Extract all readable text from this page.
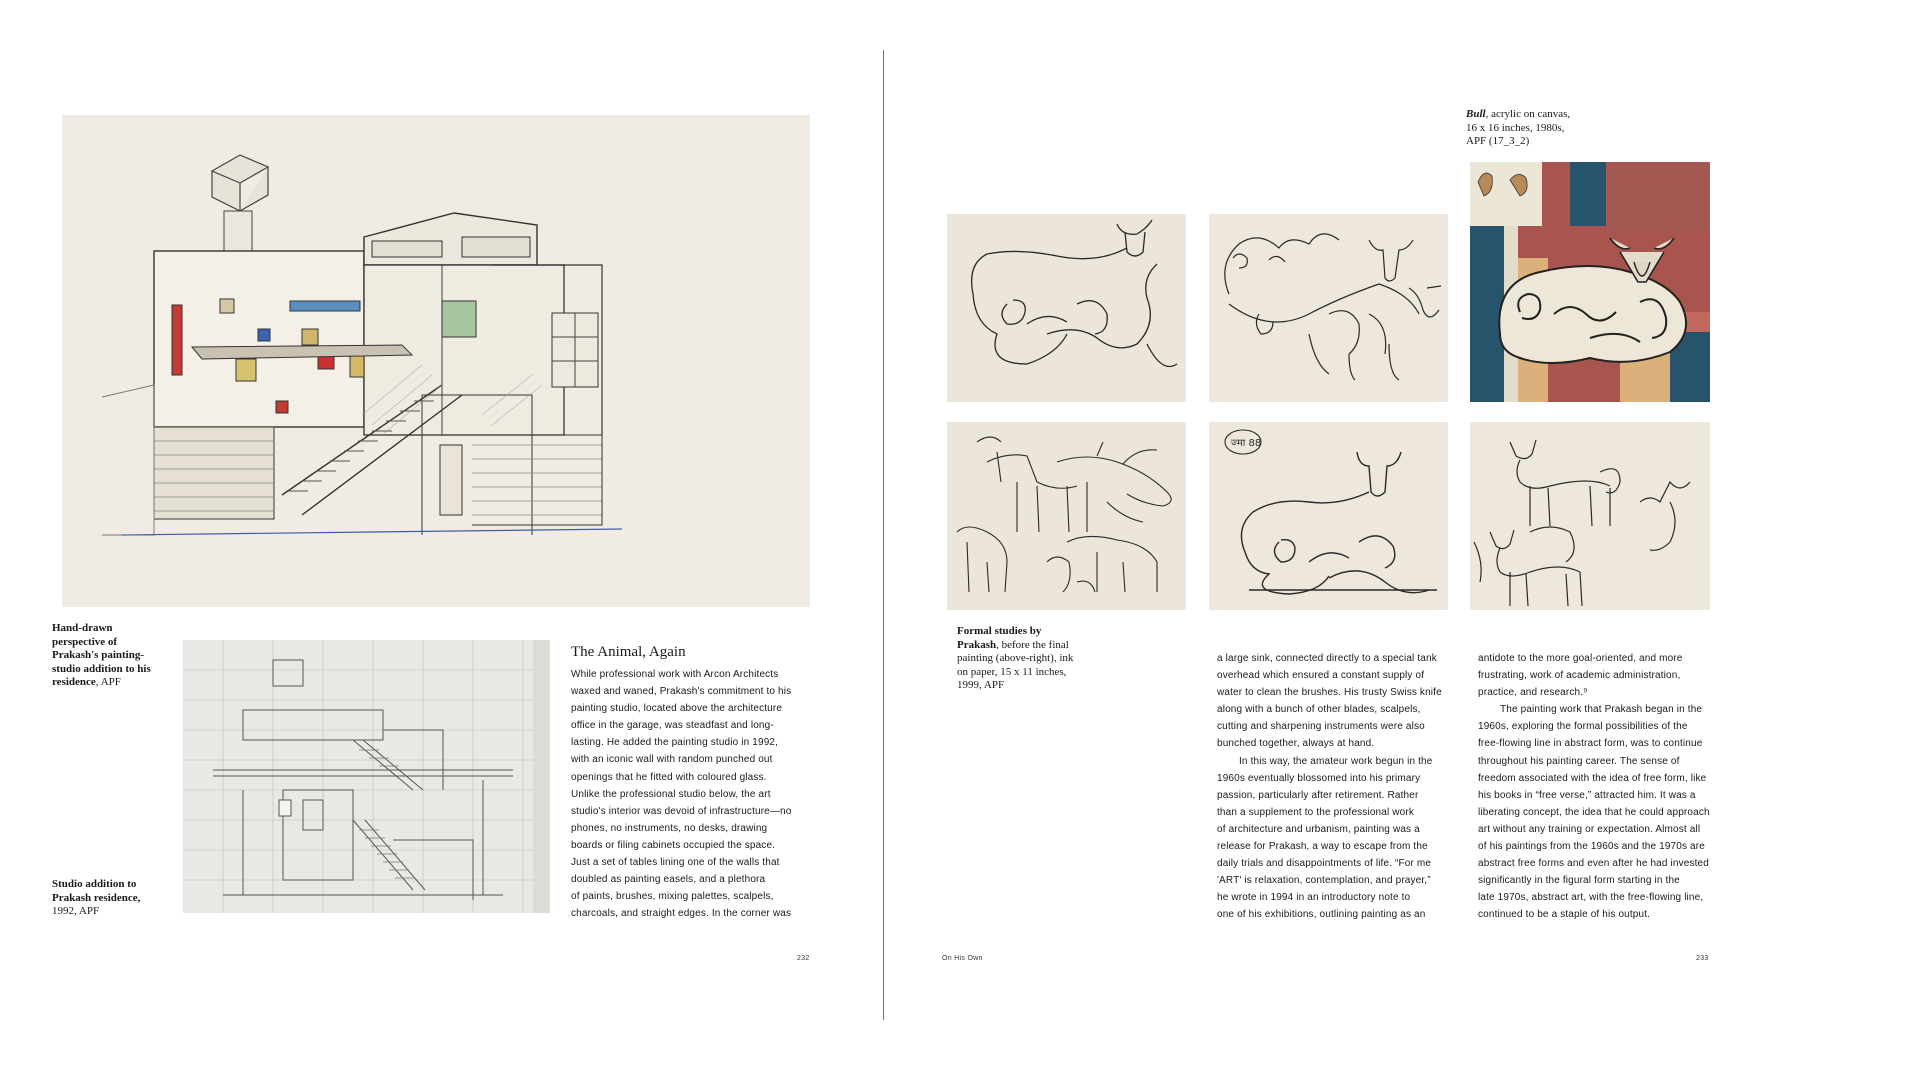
Hand-drawn perspective of Prakash's painting-studio addition to his residence, APF
Studio addition to Prakash residence,
1992, APF
The Animal, Again
While professional work with Arcon Architects
waxed and waned, Prakash's commitment to his
painting studio, located above the architecture
office in the garage, was steadfast and long-
lasting. He added the painting studio in 1992,
with an iconic wall with random punched out
openings that he fitted with coloured glass.
Unlike the professional studio below, the art
studio's interior was devoid of infrastructure—no
phones, no instruments, no desks, drawing
boards or filing cabinets occupied the space.
Just a set of tables lining one of the walls that
doubled as painting easels, and a plethora
of paints, brushes, mixing palettes, scalpels,
charcoals, and straight edges. In the corner was
232
Bull, acrylic on canvas,
16 x 16 inches, 1980s,
APF (17_3_2)
ज्मा 88
Formal studies by Prakash, before the final painting (above-right), ink on paper, 15 x 11 inches, 1999, APF
a large sink, connected directly to a special tank
overhead which ensured a constant supply of
water to clean the brushes. His trusty Swiss knife
along with a bunch of other blades, scalpels,
cutting and sharpening instruments were also
bunched together, always at hand.
In this way, the amateur work begun in the
1960s eventually blossomed into his primary
passion, particularly after retirement. Rather
than a supplement to the professional work
of architecture and urbanism, painting was a
release for Prakash, a way to escape from the
daily trials and disappointments of life. “For me
'ART' is relaxation, contemplation, and prayer,”
he wrote in 1994 in an introductory note to
one of his exhibitions, outlining painting as an
antidote to the more goal-oriented, and more
frustrating, work of academic administration,
practice, and research.⁹
The painting work that Prakash began in the
1960s, exploring the formal possibilities of the
free-flowing line in abstract form, was to continue
throughout his painting career. The sense of
freedom associated with the idea of free form, like
his books in “free verse,” attracted him. It was a
liberating concept, the idea that he could approach
art without any training or expectation. Almost all
of his paintings from the 1960s and the 1970s are
abstract free forms and even after he had invested
significantly in the figural form starting in the
late 1970s, abstract art, with the free-flowing line,
continued to be a staple of his output.
On His Own	233
